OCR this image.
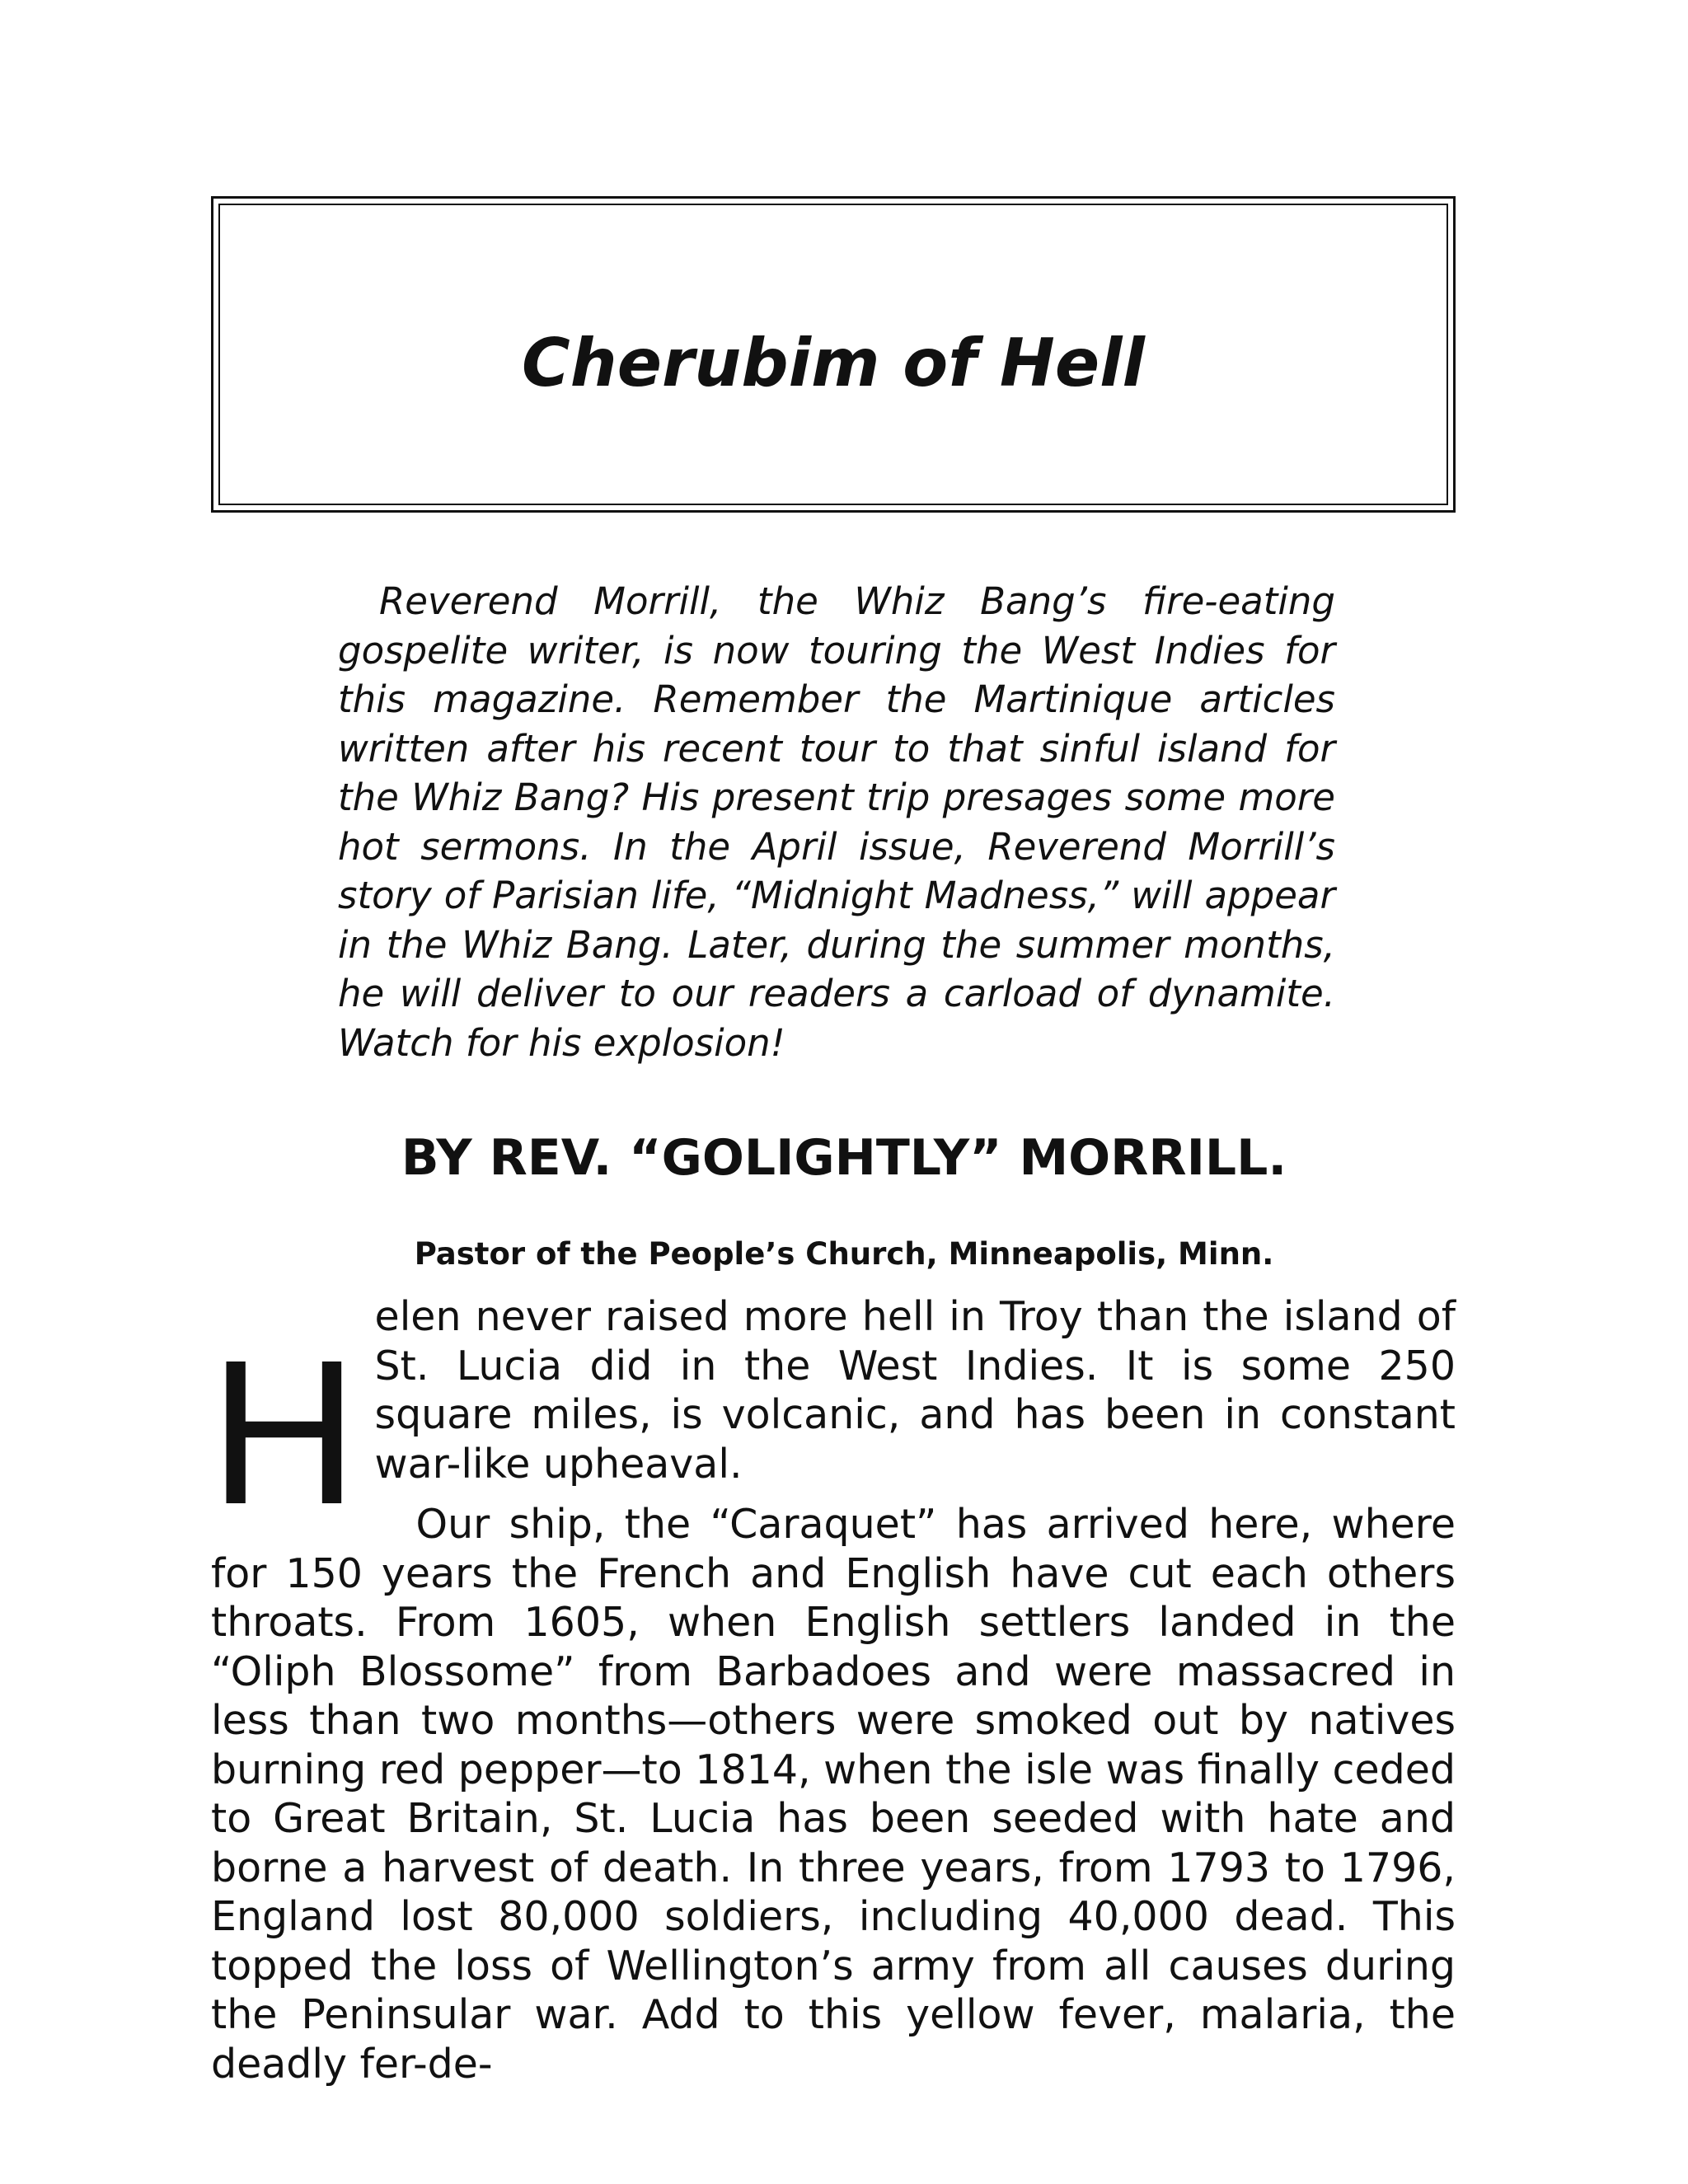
Cherubim of Hell

Reverend Morrill, the Whiz Bang’s fire-eating gospelite writer, is now touring the West Indies for this magazine. Remember the Martinique articles written after his recent tour to that sinful island for the Whiz Bang? His present trip presages some more hot sermons. In the April issue, Reverend Morrill’s story of Parisian life, “Midnight Madness,” will appear in the Whiz Bang. Later, during the summer months, he will deliver to our readers a carload of dynamite. Watch for his explosion!

BY REV. “GOLIGHTLY” MORRILL.
Pastor of the People’s Church, Minneapolis, Minn.
H

elen never raised more hell in Troy than the island of St. Lucia did in the West Indies. It is some 250 square miles, is volcanic, and has been in constant war-like upheaval.

Our ship, the “Caraquet” has arrived here, where for 150 years the French and English have cut each others throats. From 1605, when English settlers landed in the “Oliph Blossome” from Barbadoes and were massacred in less than two months—others were smoked out by natives burning red pepper—to 1814, when the isle was finally ceded to Great Britain, St. Lucia has been seeded with hate and borne a harvest of death. In three years, from 1793 to 1796, England lost 80,000 soldiers, including 40,000 dead. This topped the loss of Wellington’s army from all causes during the Peninsular war. Add to this yellow fever, malaria, the deadly fer-de-
